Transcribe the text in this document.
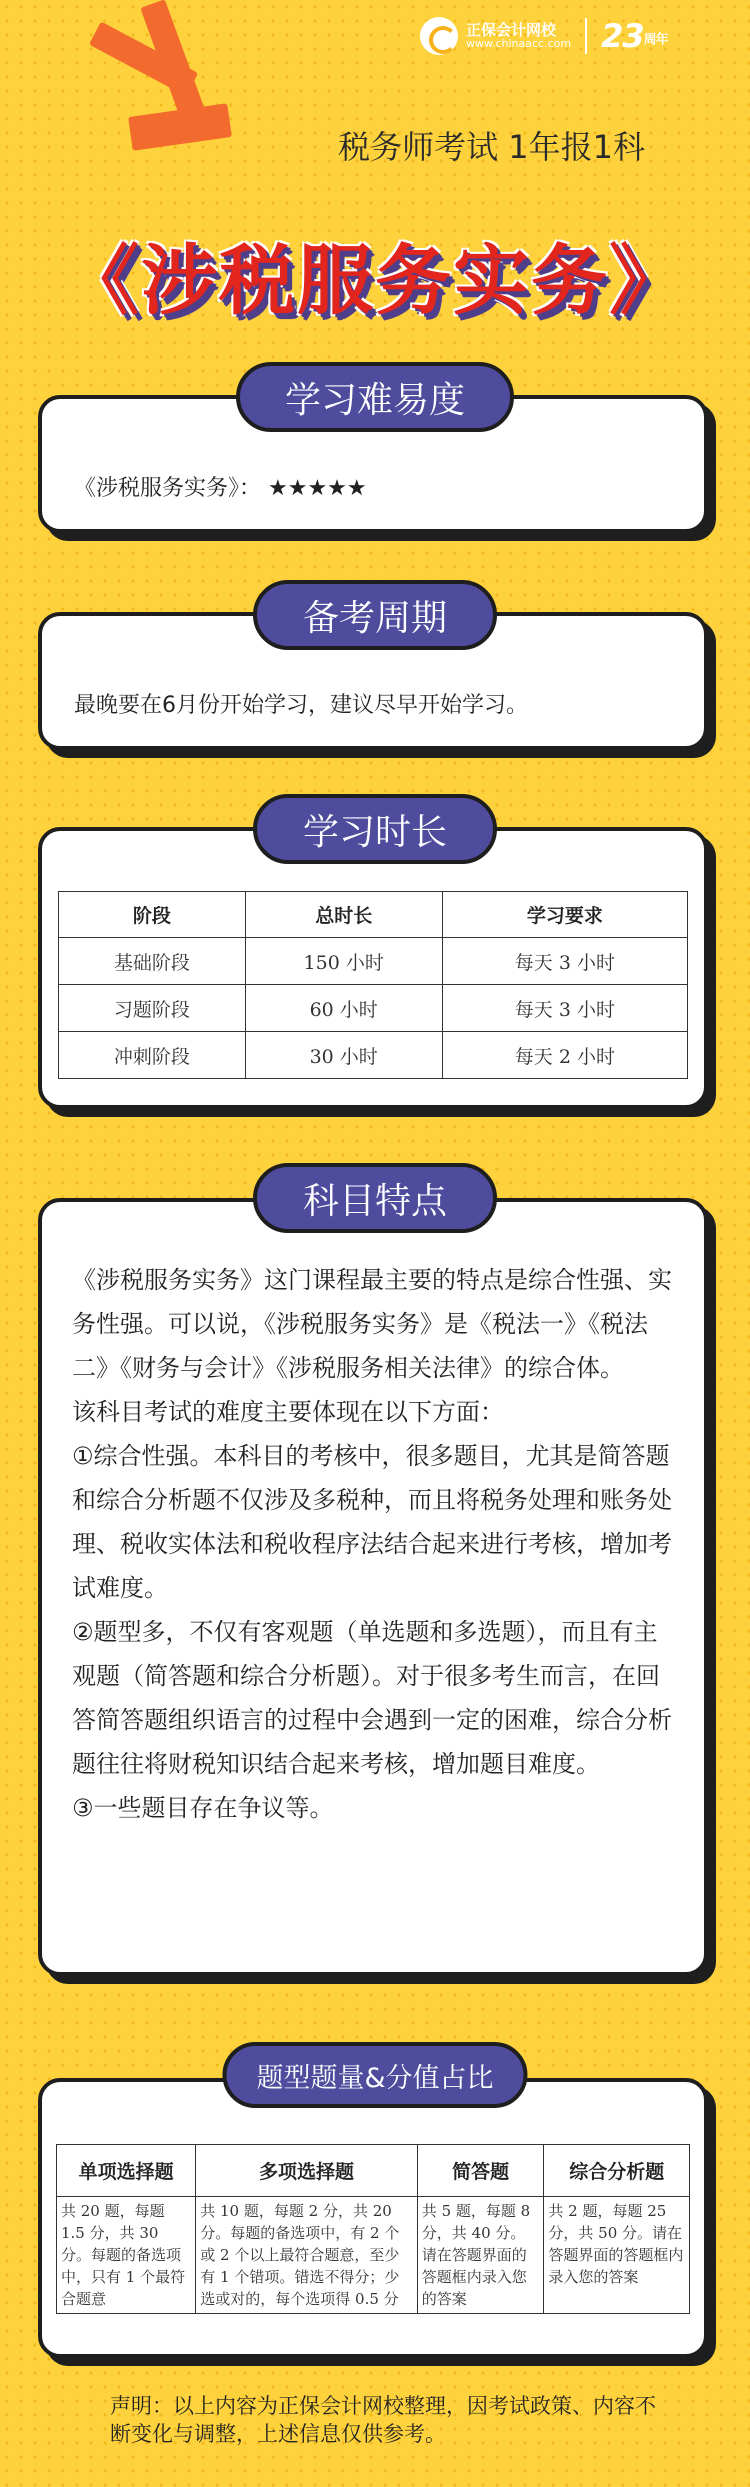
正保会计网校
www.chinaacc.com 23周年
税务师考试 1年报1科
《涉税服务实务》
《涉税服务实务》： ★★★★★
学习难易度
最晚要在6月份开始学习，建议尽早开始学习。
备考周期
阶段	总时长	学习要求
基础阶段	150 小时	每天 3 小时
习题阶段	60 小时	每天 3 小时
冲刺阶段	30 小时	每天 2 小时
学习时长

《涉税服务实务》这门课程最主要的特点是综合性强、实务性强。可以说，《涉税服务实务》是《税法一》《税法二》《财务与会计》《涉税服务相关法律》的综合体。

该科目考试的难度主要体现在以下方面：

①综合性强。本科目的考核中，很多题目，尤其是简答题和综合分析题不仅涉及多税种，而且将税务处理和账务处理、税收实体法和税收程序法结合起来进行考核，增加考试难度。

②题型多，不仅有客观题（单选题和多选题），而且有主观题（简答题和综合分析题）。对于很多考生而言，在回答简答题组织语言的过程中会遇到一定的困难，综合分析题往往将财税知识结合起来考核，增加题目难度。

③一些题目存在争议等。

科目特点
单项选择题	多项选择题	简答题	综合分析题
共 20 题，每题 1.5 分，共 30 分。每题的备选项中，只有 1 个最符合题意	共 10 题，每题 2 分，共 20 分。每题的备选项中，有 2 个或 2 个以上最符合题意，至少有 1 个错项。错选不得分；少选或对的，每个选项得 0.5 分	共 5 题，每题 8 分，共 40 分。请在答题界面的答题框内录入您的答案	共 2 题，每题 25 分，共 50 分。请在答题界面的答题框内录入您的答案
题型题量&分值占比
声明：以上内容为正保会计网校整理，因考试政策、内容不断变化与调整，上述信息仅供参考。
